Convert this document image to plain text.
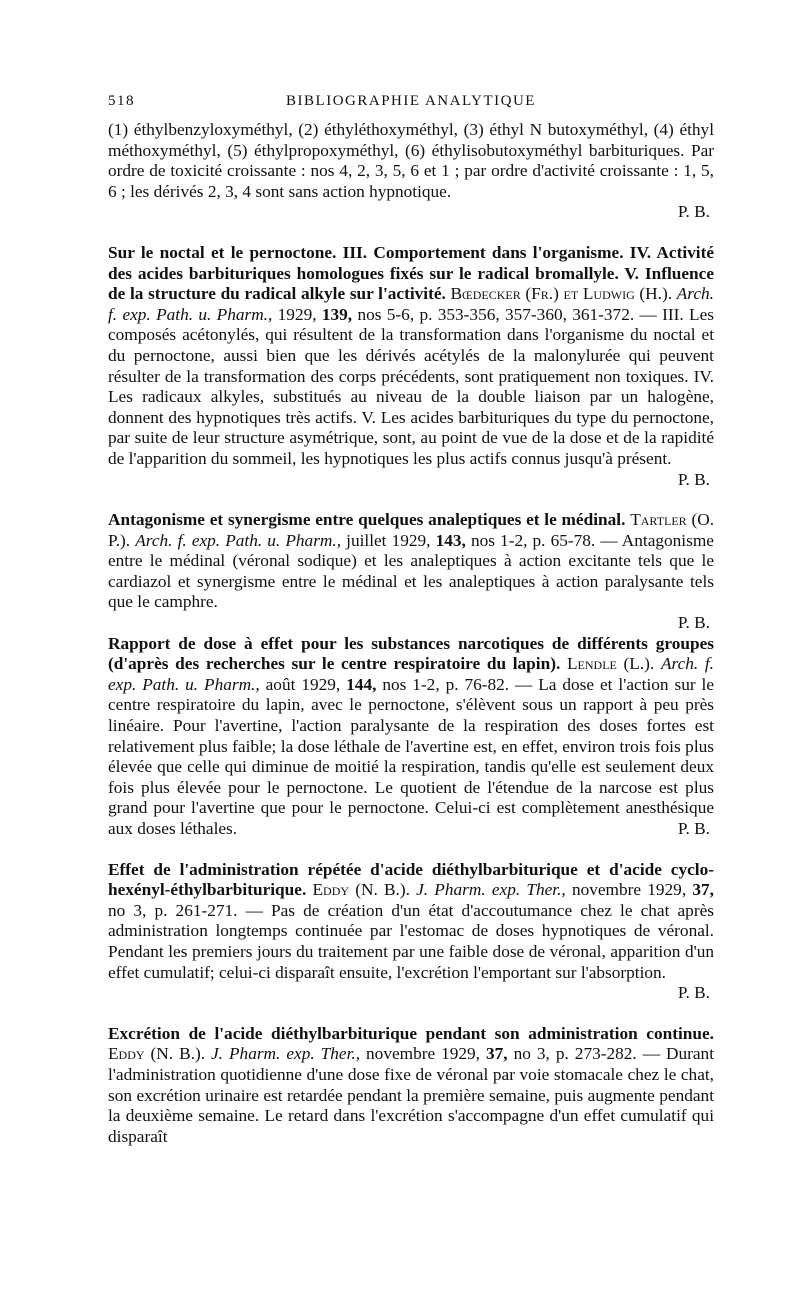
518	BIBLIOGRAPHIE ANALYTIQUE

(1) éthylbenzyloxyméthyl, (2) éthyléthoxyméthyl, (3) éthyl N butoxyméthyl, (4) éthyl méthoxyméthyl, (5) éthylpropoxyméthyl, (6) éthylisobutoxyméthyl barbituriques. Par ordre de toxicité croissante : nos 4, 2, 3, 5, 6 et 1 ; par ordre d'activité croissante : 1, 5, 6 ; les dérivés 2, 3, 4 sont sans action hypnotique.

P. B.

Sur le noctal et le pernoctone. III. Comportement dans l'organisme. IV. Activité des acides barbituriques homologues fixés sur le radical bromallyle. V. Influence de la structure du radical alkyle sur l'activité. Bœdecker (Fr.) et Ludwig (H.). Arch. f. exp. Path. u. Pharm., 1929, 139, nos 5-6, p. 353-356, 357-360, 361-372. — III. Les composés acétonylés, qui résultent de la transformation dans l'organisme du noctal et du pernoctone, aussi bien que les dérivés acétylés de la malonylurée qui peuvent résulter de la transformation des corps précédents, sont pratiquement non toxiques. IV. Les radicaux alkyles, substitués au niveau de la double liaison par un halogène, donnent des hypnotiques très actifs. V. Les acides barbituriques du type du pernoctone, par suite de leur structure asymétrique, sont, au point de vue de la dose et de la rapidité de l'apparition du sommeil, les hypnotiques les plus actifs connus jusqu'à présent.

P. B.

Antagonisme et synergisme entre quelques analeptiques et le médinal. Tartler (O. P.). Arch. f. exp. Path. u. Pharm., juillet 1929, 143, nos 1-2, p. 65-78. — Antagonisme entre le médinal (véronal sodique) et les analeptiques à action excitante tels que le cardiazol et synergisme entre le médinal et les analeptiques à action paralysante tels que le camphre.

P. B.

Rapport de dose à effet pour les substances narcotiques de différents groupes (d'après des recherches sur le centre respiratoire du lapin). Lendle (L.). Arch. f. exp. Path. u. Pharm., août 1929, 144, nos 1-2, p. 76-82. — La dose et l'action sur le centre respiratoire du lapin, avec le pernoctone, s'élèvent sous un rapport à peu près linéaire. Pour l'avertine, l'action paralysante de la respiration des doses fortes est relativement plus faible; la dose léthale de l'avertine est, en effet, environ trois fois plus élevée que celle qui diminue de moitié la respiration, tandis qu'elle est seulement deux fois plus élevée pour le pernoctone. Le quotient de l'étendue de la narcose est plus grand pour l'avertine que pour le pernoctone. Celui-ci est complètement anesthésique aux doses léthales.	P. B.

Effet de l'administration répétée d'acide diéthylbarbiturique et d'acide cyclo-hexényl-éthylbarbiturique. Eddy (N. B.). J. Pharm. exp. Ther., novembre 1929, 37, no 3, p. 261-271. — Pas de création d'un état d'accoutumance chez le chat après administration longtemps continuée par l'estomac de doses hypnotiques de véronal. Pendant les premiers jours du traitement par une faible dose de véronal, apparition d'un effet cumulatif; celui-ci disparaît ensuite, l'excrétion l'emportant sur l'absorption.

P. B.

Excrétion de l'acide diéthylbarbiturique pendant son administration continue. Eddy (N. B.). J. Pharm. exp. Ther., novembre 1929, 37, no 3, p. 273-282. — Durant l'administration quotidienne d'une dose fixe de véronal par voie stomacale chez le chat, son excrétion urinaire est retardée pendant la première semaine, puis augmente pendant la deuxième semaine. Le retard dans l'excrétion s'accompagne d'un effet cumulatif qui disparaît
